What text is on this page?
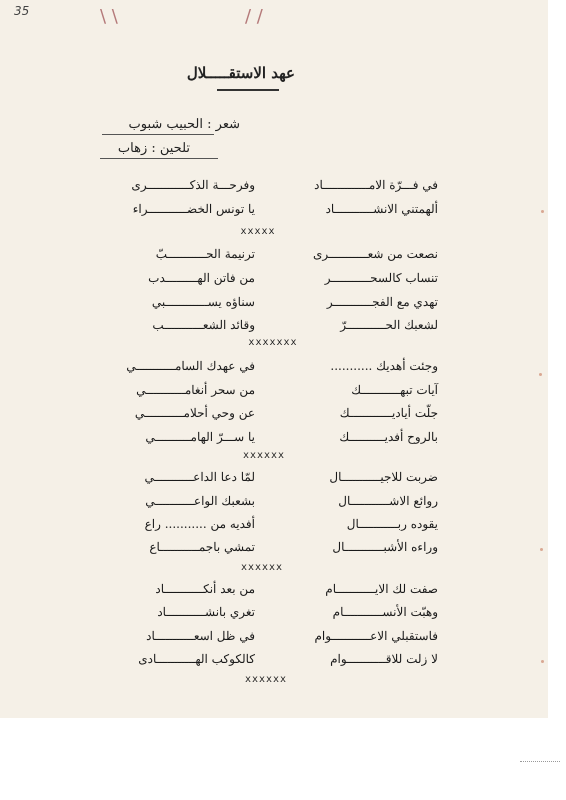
35	\ \	/ /
عهد الاستقـــــلال
شعر : الحبيب شبوب
تلحين : زهاب
في فـــرّة الامـــــــــــــاد
وفرحـــة الذكــــــــــــرى
ألهمتني الانشـــــــــــاد
يا تونس الخضـــــــــــراء
xxxxx
نصعت من شعـــــــــــرى
ترنيمة الحـــــــــــبّ
تنساب كالسحـــــــــــر
من فاتن الهـــــــــدب
تهدي مع الفجـــــــــــر
سناؤه يســــــــــــبي
لشعبك الحـــــــــــرّ
وقائد الشعـــــــــــب
xxxxxxx
وجئت أهديك ...........
في عهدك السامـــــــــــي
آيات تبهـــــــــــك
من سحر أنغامـــــــــــي
جلّت أياديــــــــــــك
عن وحي أحلامـــــــــــي
بالروح أفديــــــــــك
يا ســـرّ الهامــــــــــي
xxxxxx
ضربت للاجيـــــــــــال
لمّا دعا الداعـــــــــــي
روائع الاشـــــــــــال
بشعبك الواعـــــــــــي
يقوده ربـــــــــــال
أفديه من ........... راع
وراءه الأشبـــــــــــال
تمشي باجمـــــــــــاع
xxxxxx
صفت لك الايـــــــــــام
من بعد أنكـــــــــــاد
وهبّت الأنســـــــــــام
تغري بانشـــــــــــاد
فاستقبلي الاعـــــــــــوام
في ظل اسعـــــــــــاد
لا زلت للاقـــــــــــوام
كالكوكب الهـــــــــــادى
xxxxxx
